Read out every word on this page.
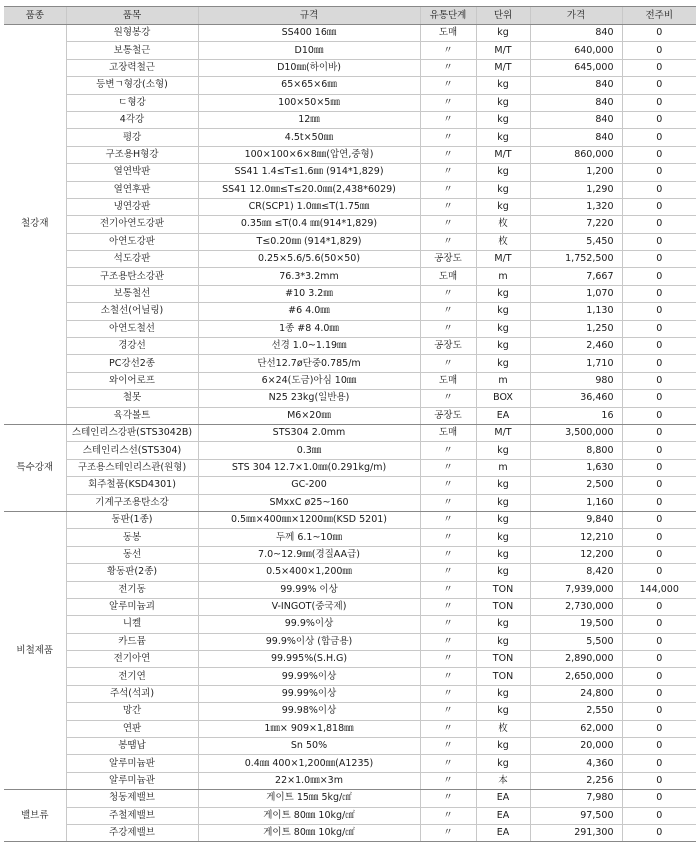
품종	품목	규격	유통단계	단위	가격	전주비
철강재	원형봉강	SS400 16㎜	도매	kg	840	0
	보통철근	D10㎜	〃	M/T	640,000	0
	고장력철근	D10㎜(하이바)	〃	M/T	645,000	0
	등변ㄱ형강(소형)	65×65×6㎜	〃	kg	840	0
	ㄷ형강	100×50×5㎜	〃	kg	840	0
	4각강	12㎜	〃	kg	840	0
	평강	4.5t×50㎜	〃	kg	840	0
	구조용H형강	100×100×6×8㎜(압연,중형)	〃	M/T	860,000	0
	열연박판	SS41 1.4≤T≤1.6㎜ (914*1,829)	〃	kg	1,200	0
	열연후판	SS41 12.0㎜≤T≤20.0㎜(2,438*6029)	〃	kg	1,290	0
	냉연강판	CR(SCP1) 1.0㎜≤T(1.75㎜	〃	kg	1,320	0
	전기아연도강판	0.35㎜ ≤T(0.4 ㎜(914*1,829)	〃	枚	7,220	0
	아연도강판	T≤0.20㎜ (914*1,829)	〃	枚	5,450	0
	석도강판	0.25×5.6/5.6(50×50)	공장도	M/T	1,752,500	0
	구조용탄소강관	76.3*3.2mm	도매	m	7,667	0
	보통철선	#10 3.2㎜	〃	kg	1,070	0
	소철선(어닐링)	#6 4.0㎜	〃	kg	1,130	0
	아연도철선	1종 #8 4.0㎜	〃	kg	1,250	0
	경강선	선경 1.0~1.19㎜	공장도	kg	2,460	0
	PC강선2종	단선12.7ø단중0.785/m	〃	kg	1,710	0
	와이어로프	6×24(도금)아심 10㎜	도매	m	980	0
	철못	N25 23kg(일반용)	〃	BOX	36,460	0
	육각볼트	M6×20㎜	공장도	EA	16	0
특수강재	스테인리스강판(STS3042B)	STS304 2.0mm	도매	M/T	3,500,000	0
	스테인리스선(STS304)	0.3㎜	〃	kg	8,800	0
	구조용스테인리스관(원형)	STS 304 12.7×1.0㎜(0.291kg/m)	〃	m	1,630	0
	회주철품(KSD4301)	GC-200	〃	kg	2,500	0
	기계구조용탄소강	SMxxC ø25~160	〃	kg	1,160	0
비철제품	동판(1종)	0.5㎜×400㎜×1200㎜(KSD 5201)	〃	kg	9,840	0
	동봉	두께 6.1~10㎜	〃	kg	12,210	0
	동선	7.0~12.9㎜(경질AA급)	〃	kg	12,200	0
	황동판(2종)	0.5×400×1,200㎜	〃	kg	8,420	0
	전기동	99.99% 이상	〃	TON	7,939,000	144,000
	알루미늄괴	V-INGOT(중국제)	〃	TON	2,730,000	0
	니켈	99.9%이상	〃	kg	19,500	0
	카드뮴	99.9%이상 (합금용)	〃	kg	5,500	0
	전기아연	99.995%(S.H.G)	〃	TON	2,890,000	0
	전기연	99.99%이상	〃	TON	2,650,000	0
	주석(석괴)	99.99%이상	〃	kg	24,800	0
	망간	99.98%이상	〃	kg	2,550	0
	연판	1㎜× 909×1,818㎜	〃	枚	62,000	0
	봉땜납	Sn 50%	〃	kg	20,000	0
	알루미늄판	0.4㎜ 400×1,200㎜(A1235)	〃	kg	4,360	0
	알루미늄관	22×1.0㎜×3m	〃	本	2,256	0
밸브류	청동제밸브	게이트 15㎜ 5kg/㎠	〃	EA	7,980	0
	주철제밸브	게이트 80㎜ 10kg/㎠	〃	EA	97,500	0
	주강제밸브	게이트 80㎜ 10kg/㎠	〃	EA	291,300	0
